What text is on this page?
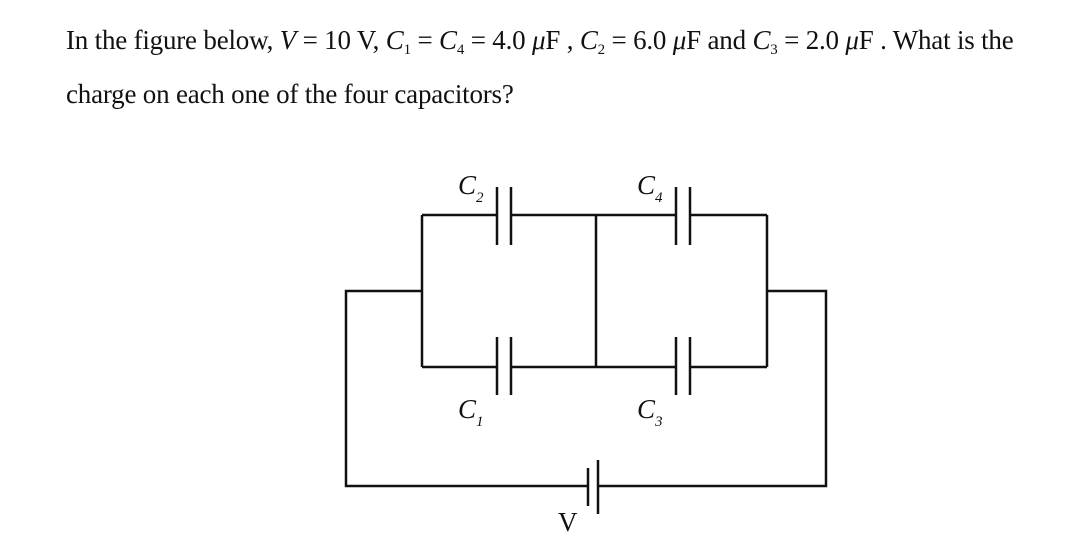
In the figure below, V = 10 V, $C_1 = C_4 = 4.0$ μF , $C_2 = 6.0$ μF and $C_3 = 2.0$ μF . What is the
charge on each one of the four capacitors?
$C_2$	$C_4$
$C_1$	$C_3$
V
